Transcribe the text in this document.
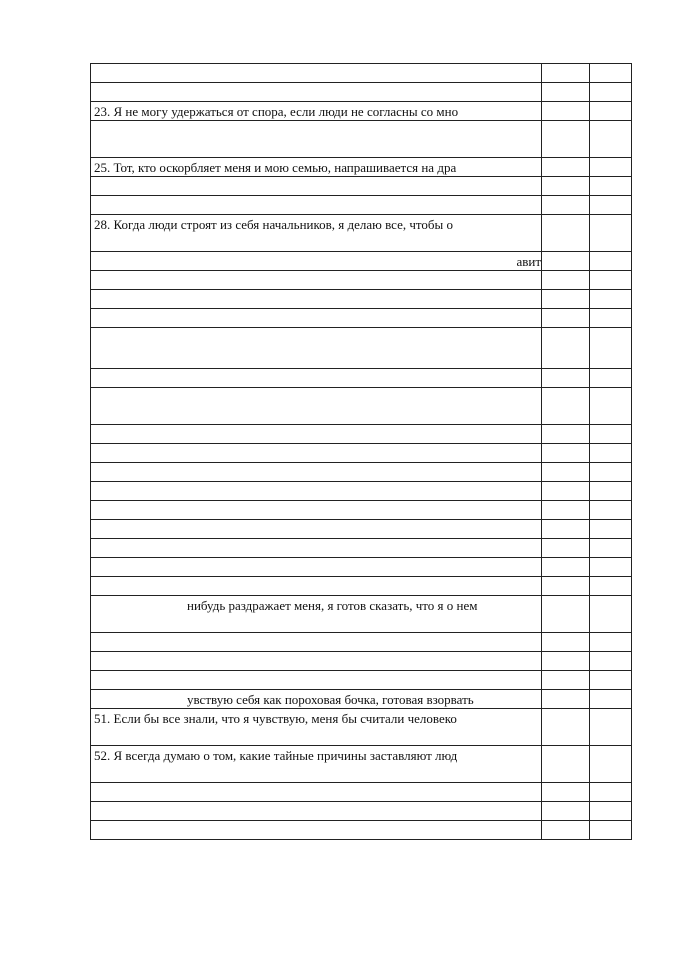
23. Я не могу удержаться от спора, если люди не согласны со мно		

25. Тот, кто оскорбляет меня и мою семью, напрашивается на дра		

28. Когда люди строят из себя начальников, я делаю все, чтобы о		

авит		

нибудь раздражает меня, я готов сказать, что я о нем		

увствую себя как пороховая бочка, готовая взорвать		

51. Если бы все знали, что я чувствую, меня бы считали человеко		

52. Я всегда думаю о том, какие тайные причины заставляют люд		
